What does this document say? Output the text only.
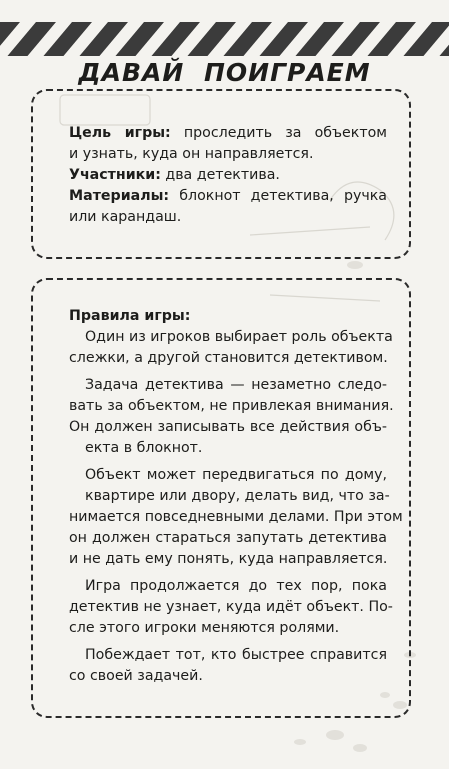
ДАВАЙ ПОИГРАЕМ

Цель игры: проследить за объектом
и узнать, куда он направляется.

Участники: два детектива.

Материалы: блокнот детектива, ручка
или карандаш.

Правила игры:

Один из игроков выбирает роль объекта
слежки, а другой становится детективом.

Задача детектива — незаметно следо-
вать за объектом, не привлекая внимания.
Он должен записывать все действия объ-
екта в блокнот.

Объект может передвигаться по дому,
квартире или двору, делать вид, что за-
нимается повседневными делами. При этом
он должен стараться запутать детектива
и не дать ему понять, куда направляется.

Игра продолжается до тех пор, пока
детектив не узнает, куда идёт объект. По-
сле этого игроки меняются ролями.

Побеждает тот, кто быстрее справится
со своей задачей.
